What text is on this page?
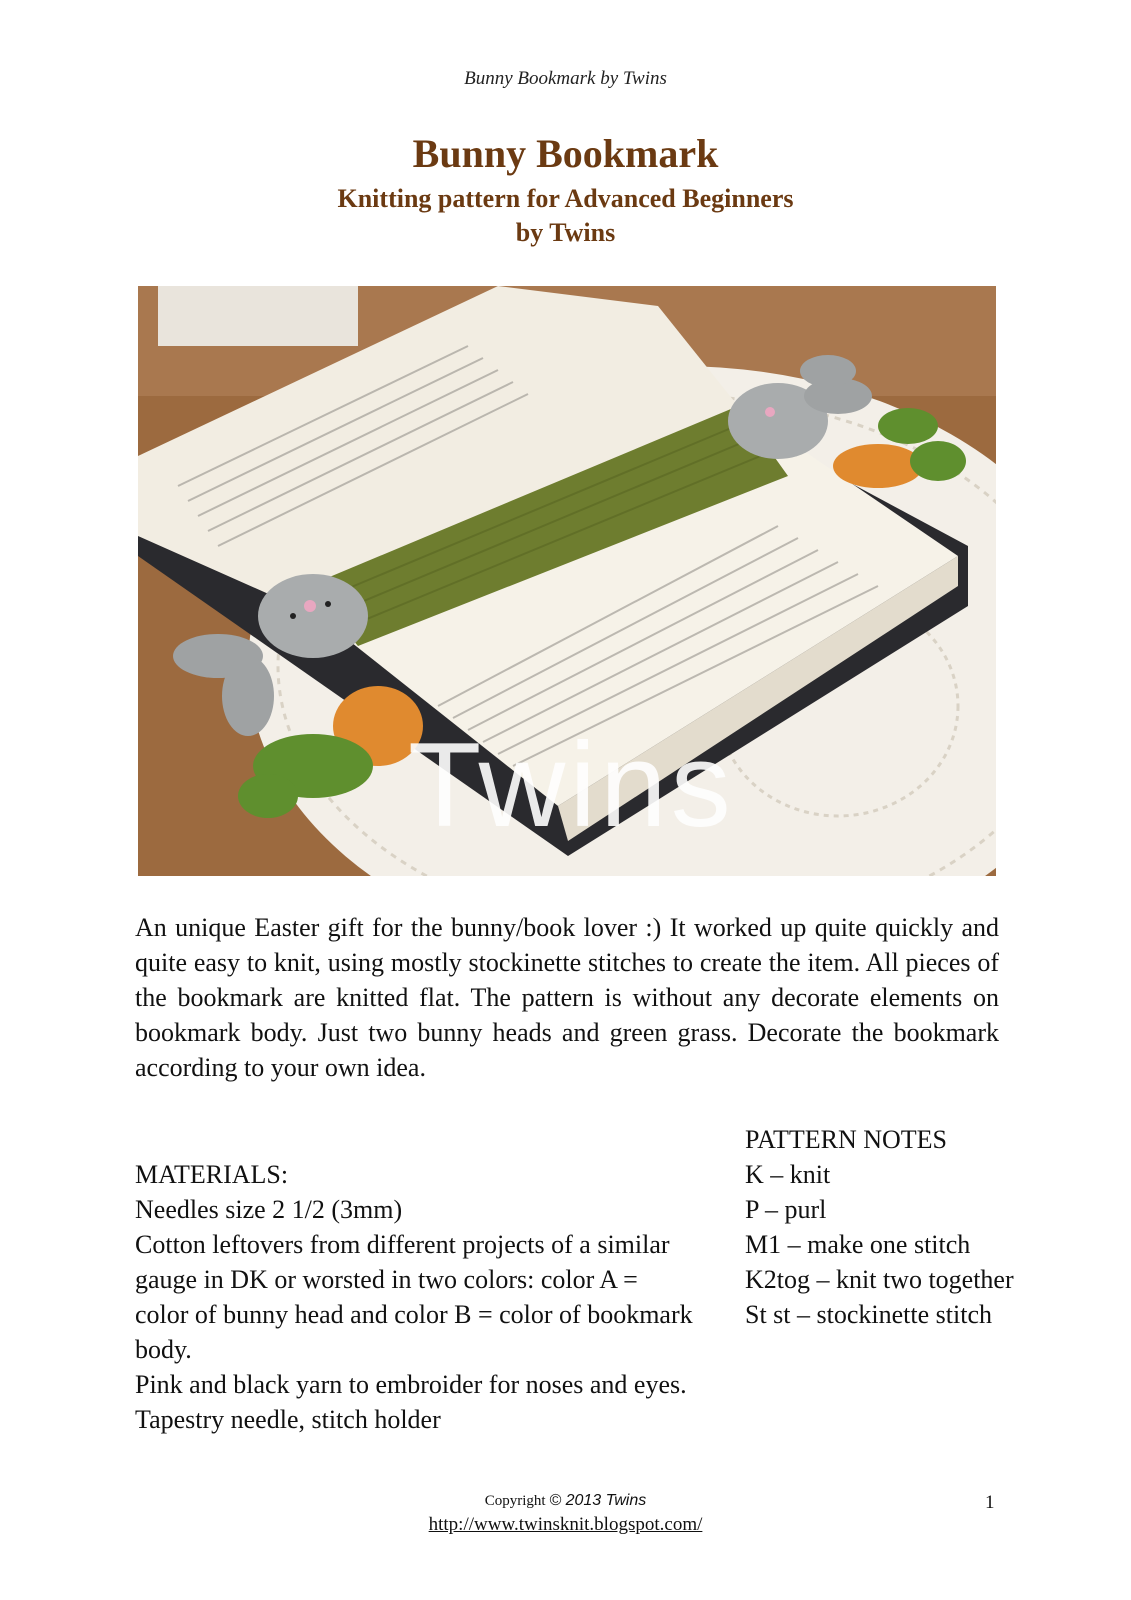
Bunny Bookmark by Twins
Bunny Bookmark
Knitting pattern for Advanced Beginners
by Twins
Twins
An unique Easter gift for the bunny/book lover :) It worked up quite quickly and quite easy to knit, using mostly stockinette stitches to create the item. All pieces of the bookmark are knitted flat. The pattern is without any decorate elements on bookmark body. Just two bunny heads and green grass. Decorate the bookmark according to your own idea.

MATERIALS:

Needles size 2 1/2 (3mm)

Cotton leftovers from different projects of a similar gauge in DK or worsted in two colors: color A = color of bunny head and color B = color of bookmark body.

Pink and black yarn to embroider for noses and eyes.

Tapestry needle, stitch holder

PATTERN NOTES

K – knit

P – purl

M1 – make one stitch

K2tog – knit two together

St st – stockinette stitch

Copyright © 2013 Twins
http://www.twinsknit.blogspot.com/
1
